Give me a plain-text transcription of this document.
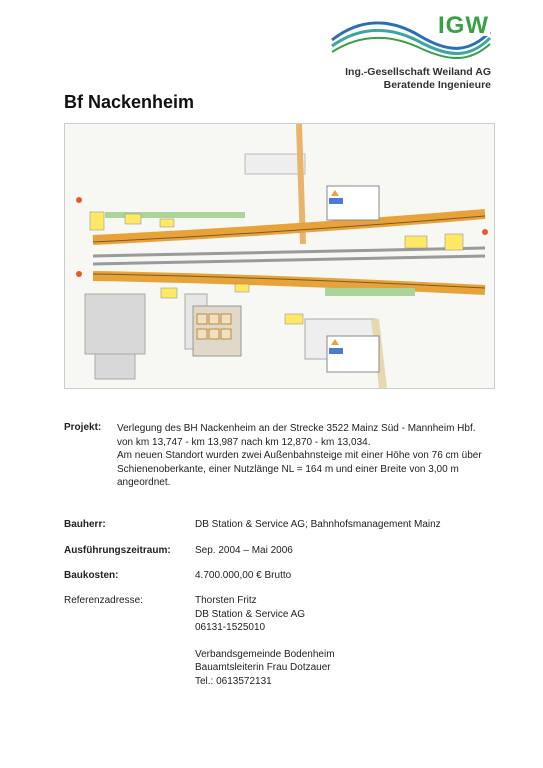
IGW
Ing.-Gesellschaft Weiland AG
Beratende Ingenieure
Bf Nackenheim
Projekt: Verlegung des BH Nackenheim an der Strecke 3522 Mainz Süd - Mannheim Hbf. von km 13,747 - km 13,987 nach km 12,870 - km 13,034.

Am neuen Standort wurden zwei Außenbahnsteige mit einer Höhe von 76 cm über Schienenoberkante, einer Nutzlänge NL = 164 m und einer Breite von 3,00 m angeordnet.

Bauherr:	DB Station & Service AG; Bahnhofsmanagement Mainz
Ausführungszeitraum:	Sep. 2004 – Mai 2006
Baukosten:	4.700.000,00 € Brutto
Referenzadresse:	Thorsten Fritz
DB Station & Service AG
06131-1525010
Verbandsgemeinde Bodenheim
Bauamtsleiterin Frau Dotzauer
Tel.: 0613572131
